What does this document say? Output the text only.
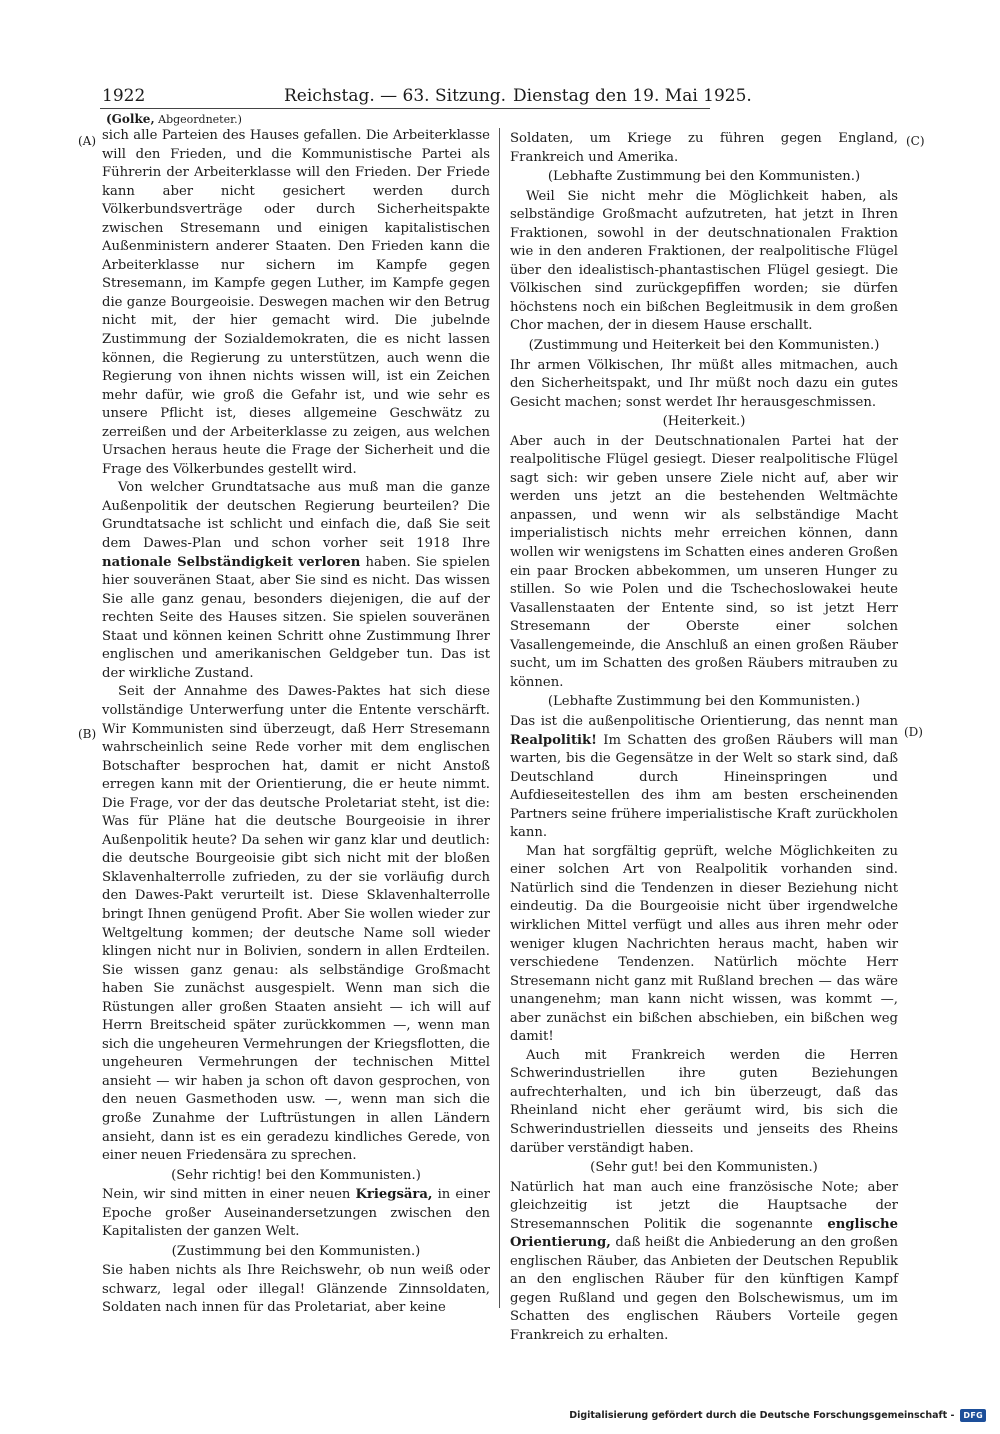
1922	Reichstag. — 63. Sitzung. Dienstag den 19. Mai 1925.
(Golke, Abgeordneter.)
(A)
(B)
(C)
(D)

sich alle Parteien des Hauses gefallen. Die Arbeiterklasse will den Frieden, und die Kommunistische Partei als Führerin der Arbeiterklasse will den Frieden. Der Friede kann aber nicht gesichert werden durch Völkerbundsverträge oder durch Sicherheitspakte zwischen Stresemann und einigen kapitalistischen Außenministern anderer Staaten. Den Frieden kann die Arbeiterklasse nur sichern im Kampfe gegen Stresemann, im Kampfe gegen Luther, im Kampfe gegen die ganze Bourgeoisie. Deswegen machen wir den Betrug nicht mit, der hier gemacht wird. Die jubelnde Zustimmung der Sozialdemokraten, die es nicht lassen können, die Regierung zu unterstützen, auch wenn die Regierung von ihnen nichts wissen will, ist ein Zeichen mehr dafür, wie groß die Gefahr ist, und wie sehr es unsere Pflicht ist, dieses allgemeine Geschwätz zu zerreißen und der Arbeiterklasse zu zeigen, aus welchen Ursachen heraus heute die Frage der Sicherheit und die Frage des Völkerbundes gestellt wird.

Von welcher Grundtatsache aus muß man die ganze Außenpolitik der deutschen Regierung beurteilen? Die Grundtatsache ist schlicht und einfach die, daß Sie seit dem Dawes-Plan und schon vorher seit 1918 Ihre nationale Selbständigkeit verloren haben. Sie spielen hier souveränen Staat, aber Sie sind es nicht. Das wissen Sie alle ganz genau, besonders diejenigen, die auf der rechten Seite des Hauses sitzen. Sie spielen souveränen Staat und können keinen Schritt ohne Zustimmung Ihrer englischen und amerikanischen Geldgeber tun. Das ist der wirkliche Zustand.

Seit der Annahme des Dawes-Paktes hat sich diese vollständige Unterwerfung unter die Entente verschärft. Wir Kommunisten sind überzeugt, daß Herr Stresemann wahrscheinlich seine Rede vorher mit dem englischen Botschafter besprochen hat, damit er nicht Anstoß erregen kann mit der Orientierung, die er heute nimmt. Die Frage, vor der das deutsche Proletariat steht, ist die: Was für Pläne hat die deutsche Bourgeoisie in ihrer Außenpolitik heute? Da sehen wir ganz klar und deutlich: die deutsche Bourgeoisie gibt sich nicht mit der bloßen Sklavenhalterrolle zufrieden, zu der sie vorläufig durch den Dawes-Pakt verurteilt ist. Diese Sklavenhalterrolle bringt Ihnen genügend Profit. Aber Sie wollen wieder zur Weltgeltung kommen; der deutsche Name soll wieder klingen nicht nur in Bolivien, sondern in allen Erdteilen. Sie wissen ganz genau: als selbständige Großmacht haben Sie zunächst ausgespielt. Wenn man sich die Rüstungen aller großen Staaten ansieht — ich will auf Herrn Breitscheid später zurückkommen —, wenn man sich die ungeheuren Vermehrungen der Kriegsflotten, die ungeheuren Vermehrungen der technischen Mittel ansieht — wir haben ja schon oft davon gesprochen, von den neuen Gasmethoden usw. —, wenn man sich die große Zunahme der Luftrüstungen in allen Ländern ansieht, dann ist es ein geradezu kindliches Gerede, von einer neuen Friedensära zu sprechen.

(Sehr richtig! bei den Kommunisten.)

Nein, wir sind mitten in einer neuen Kriegsära, in einer Epoche großer Auseinandersetzungen zwischen den Kapitalisten der ganzen Welt.

(Zustimmung bei den Kommunisten.)

Sie haben nichts als Ihre Reichswehr, ob nun weiß oder schwarz, legal oder illegal! Glänzende Zinnsoldaten, Soldaten nach innen für das Proletariat, aber keine

Soldaten, um Kriege zu führen gegen England, Frankreich und Amerika.

(Lebhafte Zustimmung bei den Kommunisten.)

Weil Sie nicht mehr die Möglichkeit haben, als selbständige Großmacht aufzutreten, hat jetzt in Ihren Fraktionen, sowohl in der deutschnationalen Fraktion wie in den anderen Fraktionen, der realpolitische Flügel über den idealistisch-phantastischen Flügel gesiegt. Die Völkischen sind zurückgepfiffen worden; sie dürfen höchstens noch ein bißchen Begleitmusik in dem großen Chor machen, der in diesem Hause erschallt.

(Zustimmung und Heiterkeit bei den Kommunisten.)

Ihr armen Völkischen, Ihr müßt alles mitmachen, auch den Sicherheitspakt, und Ihr müßt noch dazu ein gutes Gesicht machen; sonst werdet Ihr herausgeschmissen.

(Heiterkeit.)

Aber auch in der Deutschnationalen Partei hat der realpolitische Flügel gesiegt. Dieser realpolitische Flügel sagt sich: wir geben unsere Ziele nicht auf, aber wir werden uns jetzt an die bestehenden Weltmächte anpassen, und wenn wir als selbständige Macht imperialistisch nichts mehr erreichen können, dann wollen wir wenigstens im Schatten eines anderen Großen ein paar Brocken abbekommen, um unseren Hunger zu stillen. So wie Polen und die Tschechoslowakei heute Vasallenstaaten der Entente sind, so ist jetzt Herr Stresemann der Oberste einer solchen Vasallengemeinde, die Anschluß an einen großen Räuber sucht, um im Schatten des großen Räubers mitrauben zu können.

(Lebhafte Zustimmung bei den Kommunisten.)

Das ist die außenpolitische Orientierung, das nennt man Realpolitik! Im Schatten des großen Räubers will man warten, bis die Gegensätze in der Welt so stark sind, daß Deutschland durch Hineinspringen und Aufdieseitestellen des ihm am besten erscheinenden Partners seine frühere imperialistische Kraft zurückholen kann.

Man hat sorgfältig geprüft, welche Möglichkeiten zu einer solchen Art von Realpolitik vorhanden sind. Natürlich sind die Tendenzen in dieser Beziehung nicht eindeutig. Da die Bourgeoisie nicht über irgendwelche wirklichen Mittel verfügt und alles aus ihren mehr oder weniger klugen Nachrichten heraus macht, haben wir verschiedene Tendenzen. Natürlich möchte Herr Stresemann nicht ganz mit Rußland brechen — das wäre unangenehm; man kann nicht wissen, was kommt —, aber zunächst ein bißchen abschieben, ein bißchen weg damit!

Auch mit Frankreich werden die Herren Schwerindustriellen ihre guten Beziehungen aufrechterhalten, und ich bin überzeugt, daß das Rheinland nicht eher geräumt wird, bis sich die Schwerindustriellen diesseits und jenseits des Rheins darüber verständigt haben.

(Sehr gut! bei den Kommunisten.)

Natürlich hat man auch eine französische Note; aber gleichzeitig ist jetzt die Hauptsache der Stresemannschen Politik die sogenannte englische Orientierung, daß heißt die Anbiederung an den großen englischen Räuber, das Anbieten der Deutschen Republik an den englischen Räuber für den künftigen Kampf gegen Rußland und gegen den Bolschewismus, um im Schatten des englischen Räubers Vorteile gegen Frankreich zu erhalten.

Digitalisierung gefördert durch die Deutsche Forschungsgemeinschaft -	DFG
